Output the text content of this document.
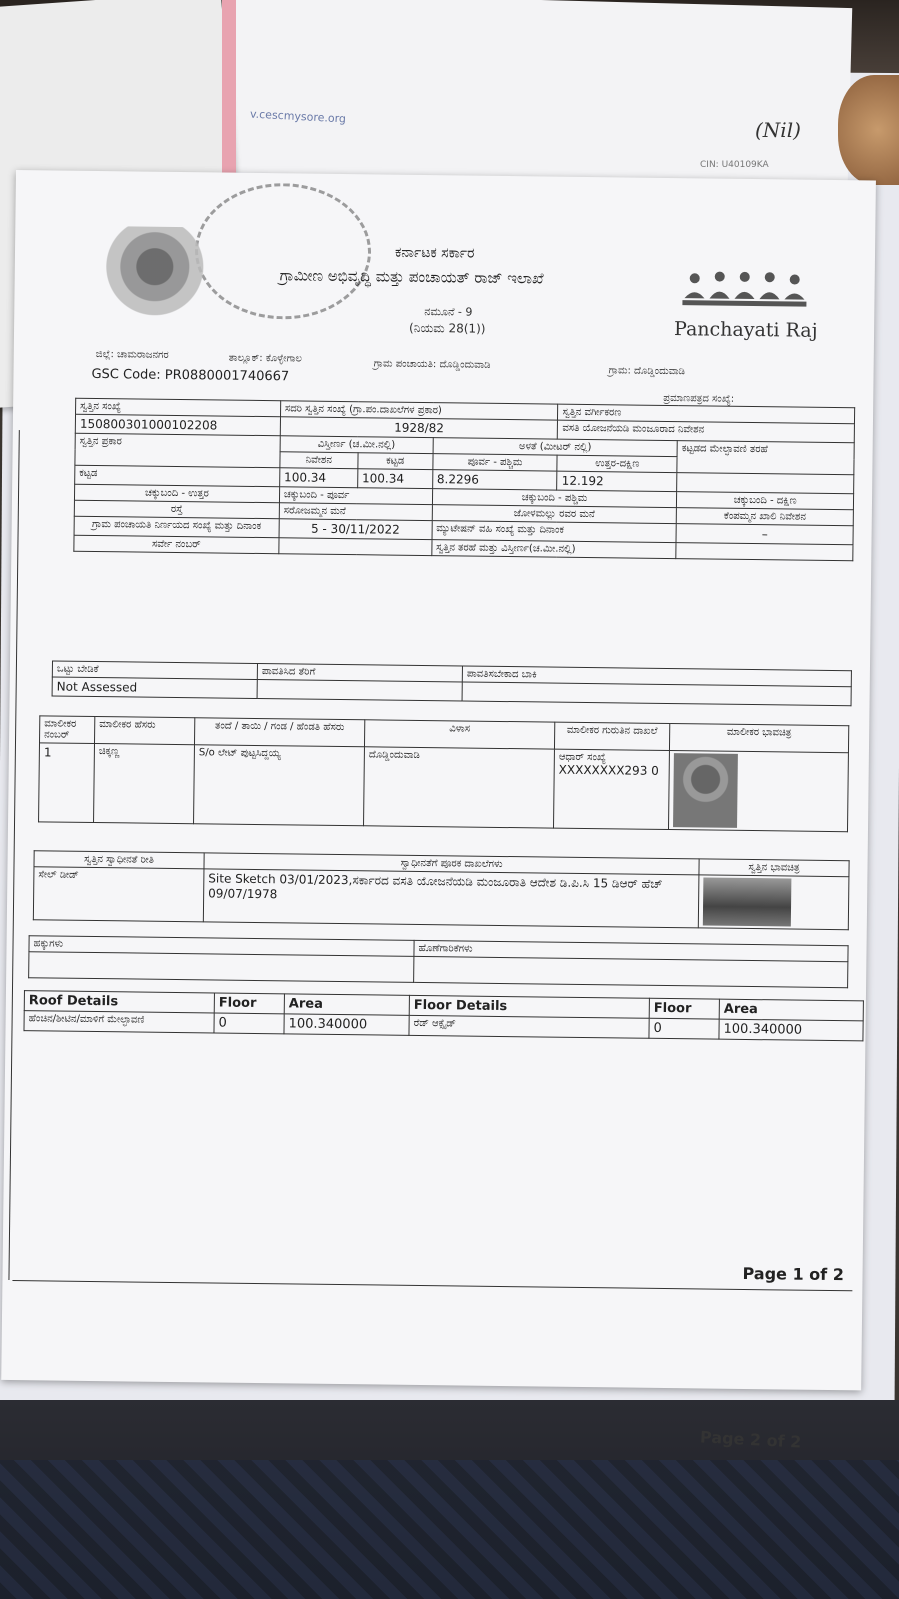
v.cescmysore.org
(Nil)
CIN: U40109KA
Page 2 of 2
ಕರ್ನಾಟಕ ಸರ್ಕಾರ
ಗ್ರಾಮೀಣ ಅಭಿವೃದ್ಧಿ ಮತ್ತು ಪಂಚಾಯತ್ ರಾಜ್ ಇಲಾಖೆ
ನಮೂನೆ - 9
(ನಿಯಮ 28(1))	Panchayati Raj
ಜಿಲ್ಲೆ: ಚಾಮರಾಜನಗರ	ತಾಲ್ಲೂಕ್: ಕೊಳ್ಳೇಗಾಲ	ಗ್ರಾಮ ಪಂಚಾಯತಿ: ದೊಡ್ಡಿಂದುವಾಡಿ
ಗ್ರಾಮ: ದೊಡ್ಡಿಂದುವಾಡಿ
GSC Code: PR0880001740667
ಪ್ರಮಾಣಪತ್ರದ ಸಂಖ್ಯೆ:
ಸ್ವತ್ತಿನ ಸಂಖ್ಯೆ	ಸದರಿ ಸ್ವತ್ತಿನ ಸಂಖ್ಯೆ (ಗ್ರಾ.ಪಂ.ದಾಖಲೆಗಳ ಪ್ರಕಾರ)			ಸ್ವತ್ತಿನ ವರ್ಗೀಕರಣ	
150800301000102208	1928/82			ವಸತಿ ಯೋಜನೆಯಡಿ ಮಂಜೂರಾದ ನಿವೇಶನ	
ಸ್ವತ್ತಿನ ಪ್ರಕಾರ	ವಿಸ್ತೀರ್ಣ (ಚ.ಮೀ.ನಲ್ಲಿ)		ಅಳತೆ (ಮೀಟರ್ ನಲ್ಲಿ)		ಕಟ್ಟಡದ ಮೇಲ್ಛಾವಣಿ ತರಹೆ
	ನಿವೇಶನ	ಕಟ್ಟಡ	ಪೂರ್ವ - ಪಶ್ಚಿಮ	ಉತ್ತರ-ದಕ್ಷಿಣ	
ಕಟ್ಟಡ	100.34	100.34	8.2296	12.192	
ಚಕ್ಕುಬಂದಿ - ಉತ್ತರ	ಚಕ್ಕುಬಂದಿ - ಪೂರ್ವ		ಚಕ್ಕುಬಂದಿ - ಪಶ್ಚಿಮ		ಚಕ್ಕುಬಂದಿ - ದಕ್ಷಿಣ
ರಸ್ತೆ	ಸರೋಜಮ್ಮನ ಮನೆ		ಜೋಳಮಲ್ಲು ರವರ ಮನೆ		ಕೆಂಪಮ್ಮನ ಖಾಲಿ ನಿವೇಶನ
ಗ್ರಾಮ ಪಂಚಾಯತಿ ನಿರ್ಣಯದ ಸಂಖ್ಯೆ ಮತ್ತು ದಿನಾಂಕ	5 - 30/11/2022		ಮ್ಯುಟೇಷನ್ ವಹಿ ಸಂಖ್ಯೆ ಮತ್ತು ದಿನಾಂಕ		–
ಸರ್ವೇ ನಂಬರ್			ಸ್ವತ್ತಿನ ತರಹೆ ಮತ್ತು ವಿಸ್ತೀರ್ಣ(ಚ.ಮೀ.ನಲ್ಲಿ)		
ಒಟ್ಟು ಬೇಡಿಕೆ	ಪಾವತಿಸಿದ ತೆರಿಗೆ	ಪಾವತಿಸಬೇಕಾದ ಬಾಕಿ
Not Assessed		
ಮಾಲೀಕರ ನಂಬರ್	ಮಾಲೀಕರ ಹೆಸರು	ತಂದೆ / ತಾಯಿ / ಗಂಡ / ಹೆಂಡತಿ ಹೆಸರು	ವಿಳಾಸ	ಮಾಲೀಕರ ಗುರುತಿನ ದಾಖಲೆ	ಮಾಲೀಕರ ಭಾವಚಿತ್ರ
1	ಚಿಕ್ಕಣ್ಣ	S/o ಲೇಟ್ ಪುಟ್ಟಸಿದ್ದಯ್ಯ	ದೊಡ್ಡಿಂದುವಾಡಿ	ಆಧಾರ್ ಸಂಖ್ಯೆ
XXXXXXXX293 0	

ಸ್ವತ್ತಿನ ಸ್ವಾಧೀನತೆ ರೀತಿ	ಸ್ವಾಧೀನತೆಗೆ ಪೂರಕ ದಾಖಲೆಗಳು	ಸ್ವತ್ತಿನ ಭಾವಚಿತ್ರ
ಸೇಲ್ ಡೀಡ್	Site Sketch 03/01/2023,ಸರ್ಕಾರದ ವಸತಿ ಯೋಜನೆಯಡಿ ಮಂಜೂರಾತಿ ಆದೇಶ ಡಿ.ಪಿ.ಸಿ 15 ಡಿಆರ್ ಹೆಚ್ 09/07/1978	
ಹಕ್ಕುಗಳು	ಹೊಣೆಗಾರಿಕೆಗಳು

Roof Details	Floor	Area	Floor Details	Floor	Area
ಹೆಂಚಿನ/ಶೀಟಿನ/ಮಾಳಿಗೆ ಮೇಲ್ಛಾವಣಿ	0	100.340000	ರೆಡ್ ಆಕ್ಸೈಡ್	0	100.340000
Page 1 of 2
